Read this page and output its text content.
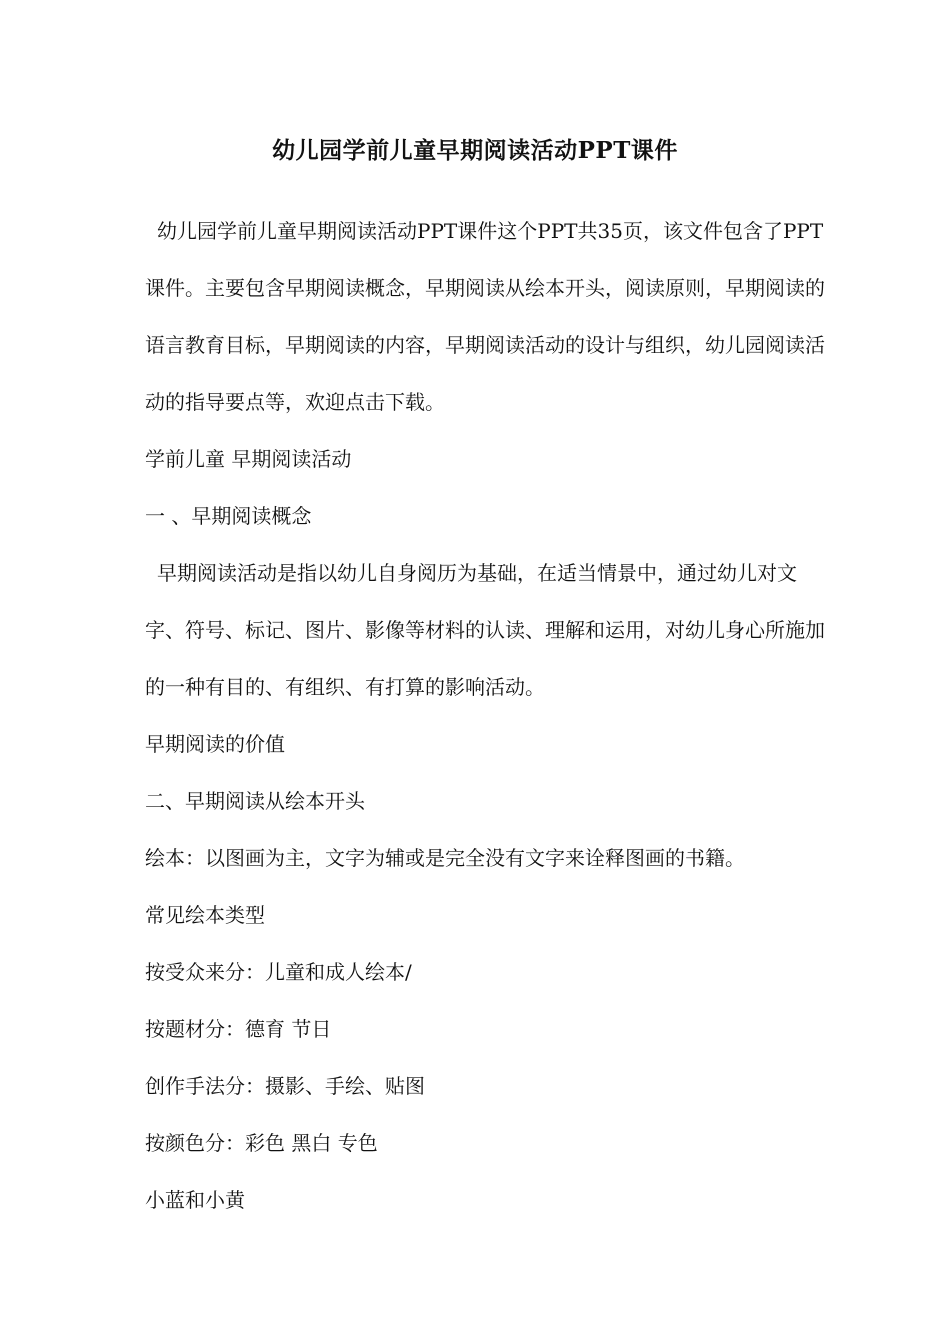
幼儿园学前儿童早期阅读活动PPT课件

幼儿园学前儿童早期阅读活动PPT课件这个PPT共35页，该文件包含了PPT课件。主要包含早期阅读概念，早期阅读从绘本开头，阅读原则，早期阅读的语言教育目标，早期阅读的内容，早期阅读活动的设计与组织，幼儿园阅读活动的指导要点等，欢迎点击下载。

学前儿童 早期阅读活动

一 、早期阅读概念

早期阅读活动是指以幼儿自身阅历为基础，在适当情景中，通过幼儿对文字、符号、标记、图片、影像等材料的认读、理解和运用，对幼儿身心所施加的一种有目的、有组织、有打算的影响活动。

早期阅读的价值

二、早期阅读从绘本开头

绘本：以图画为主，文字为辅或是完全没有文字来诠释图画的书籍。

常见绘本类型

按受众来分：儿童和成人绘本/

按题材分：德育 节日

创作手法分：摄影、手绘、贴图

按颜色分：彩色 黑白 专色

小蓝和小黄
